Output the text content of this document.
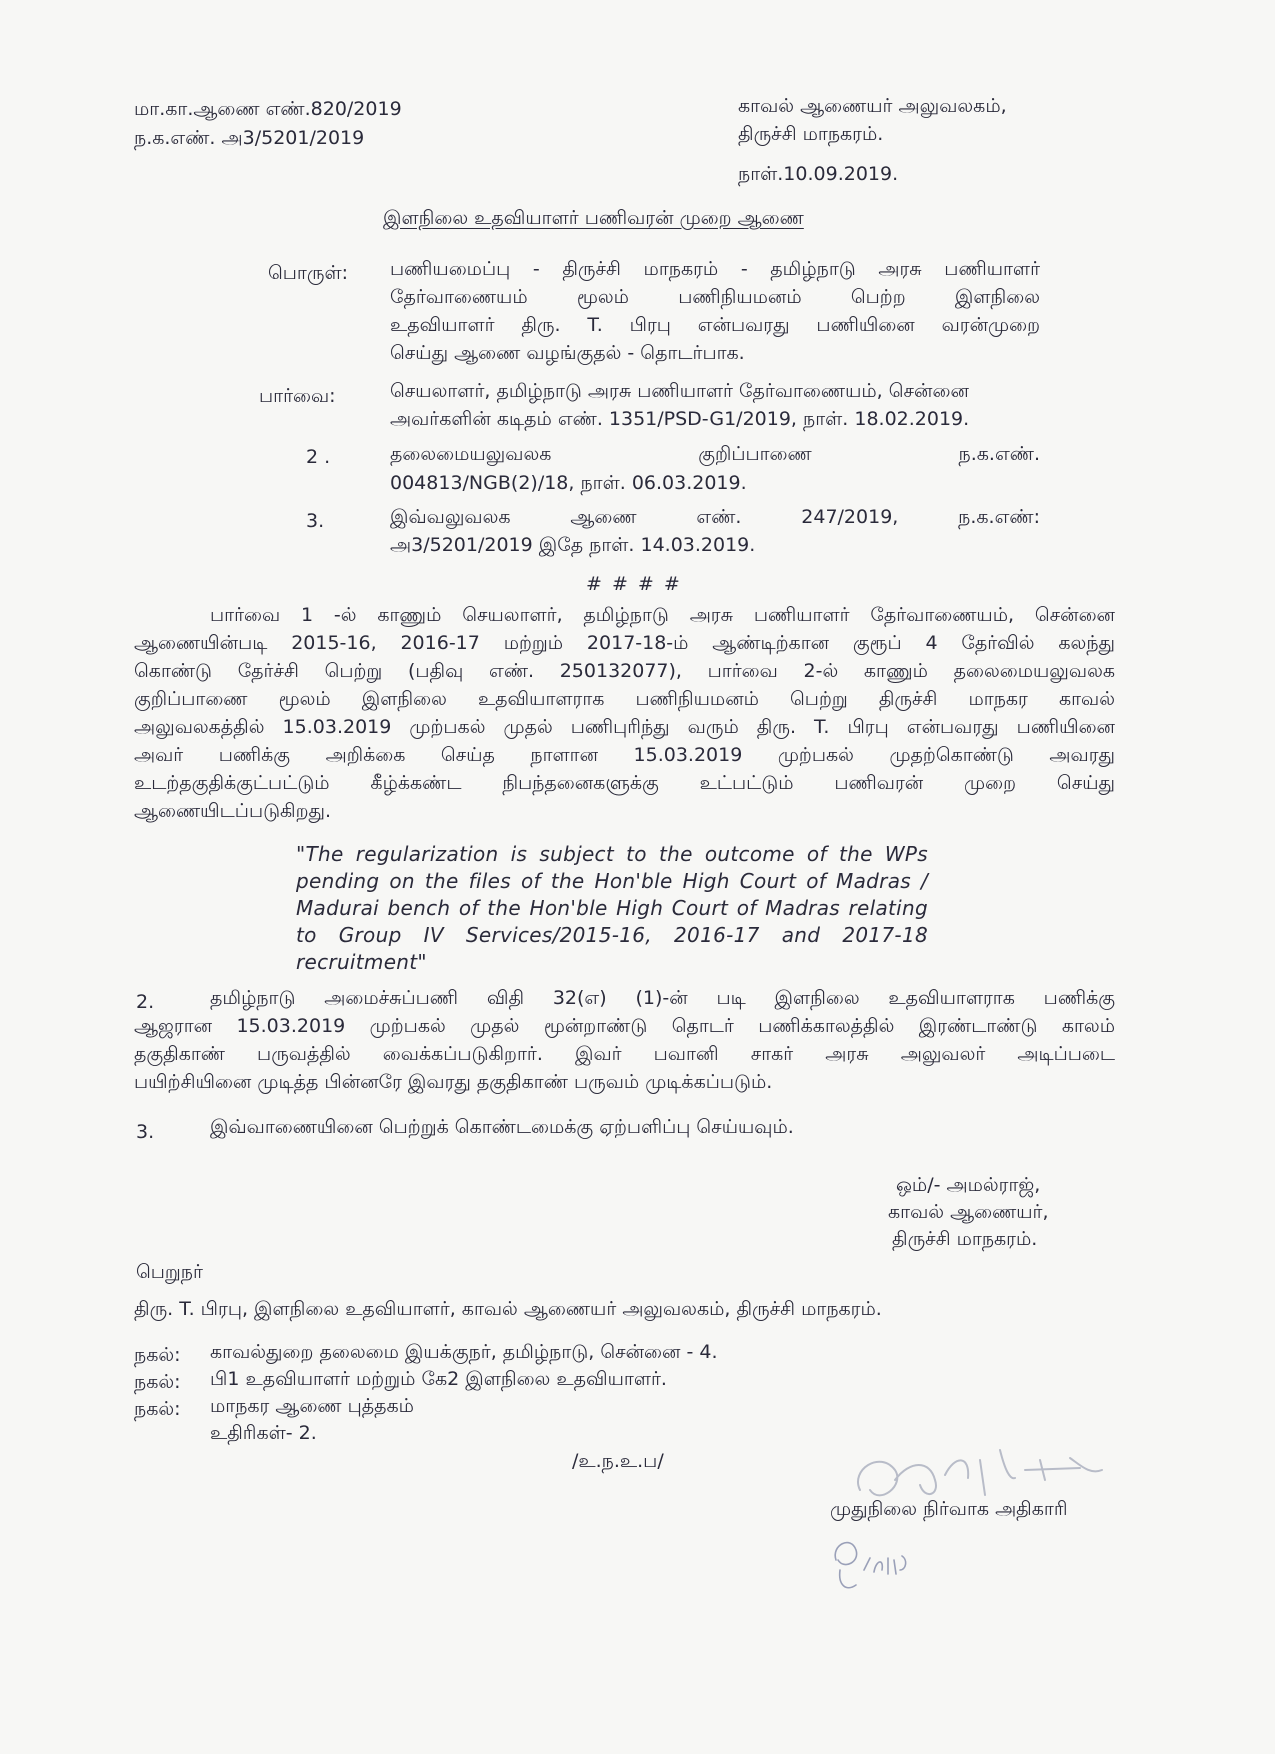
மா.கா.ஆணை எண்.820/2019
ந.க.எண். அ3/5201/2019
காவல் ஆணையர் அலுவலகம்,
திருச்சி மாநகரம்.
நாள்.10.09.2019.
இளநிலை உதவியாளர் பணிவரன் முறை ஆணை
பொருள்: பணியமைப்பு - திருச்சி மாநகரம் - தமிழ்நாடு அரசு பணியாளர்
தேர்வாணையம் மூலம் பணிநியமனம் பெற்ற இளநிலை
உதவியாளர் திரு. T. பிரபு என்பவரது பணியினை வரன்முறை
செய்து ஆணை வழங்குதல் - தொடர்பாக.
பார்வை:	செயலாளர், தமிழ்நாடு அரசு பணியாளர் தேர்வாணையம், சென்னை
அவர்களின் கடிதம் எண். 1351/PSD-G1/2019, நாள். 18.02.2019.
2 .	தலைமையலுவலக குறிப்பாணை ந.க.எண்.
004813/NGB(2)/18, நாள். 06.03.2019.
3.	இவ்வலுவலக ஆணை எண். 247/2019, ந.க.எண்:
அ3/5201/2019 இதே நாள். 14.03.2019.
# # # #
பார்வை 1 -ல் காணும் செயலாளர், தமிழ்நாடு அரசு பணியாளர் தேர்வாணையம், சென்னை
ஆணையின்படி 2015-16, 2016-17 மற்றும் 2017-18-ம் ஆண்டிற்கான குரூப் 4 தேர்வில் கலந்து
கொண்டு தேர்ச்சி பெற்று (பதிவு எண். 250132077), பார்வை 2-ல் காணும் தலைமையலுவலக
குறிப்பாணை மூலம் இளநிலை உதவியாளராக பணிநியமனம் பெற்று திருச்சி மாநகர காவல்
அலுவலகத்தில் 15.03.2019 முற்பகல் முதல் பணிபுரிந்து வரும் திரு. T. பிரபு என்பவரது பணியினை
அவர் பணிக்கு அறிக்கை செய்த நாளான 15.03.2019 முற்பகல் முதற்கொண்டு அவரது
உடற்தகுதிக்குட்பட்டும் கீழ்க்கண்ட நிபந்தனைகளுக்கு உட்பட்டும் பணிவரன் முறை செய்து
ஆணையிடப்படுகிறது.
"The regularization is subject to the outcome of the WPs
pending on the files of the Hon'ble High Court of Madras /
Madurai bench of the Hon'ble High Court of Madras relating
to Group IV Services/2015-16, 2016-17 and 2017-18
recruitment"
2.	தமிழ்நாடு அமைச்சுப்பணி விதி 32(எ) (1)-ன் படி இளநிலை உதவியாளராக பணிக்கு
ஆஜரான 15.03.2019 முற்பகல் முதல் மூன்றாண்டு தொடர் பணிக்காலத்தில் இரண்டாண்டு காலம்
தகுதிகாண் பருவத்தில் வைக்கப்படுகிறார். இவர் பவானி சாகர் அரசு அலுவலர் அடிப்படை
பயிற்சியினை முடித்த பின்னரே இவரது தகுதிகாண் பருவம் முடிக்கப்படும்.
3.	இவ்வாணையினை பெற்றுக் கொண்டமைக்கு ஏற்பளிப்பு செய்யவும்.
ஒம்/- அமல்ராஜ்,
காவல் ஆணையர்,
திருச்சி மாநகரம்.
பெறுநர்
திரு. T. பிரபு, இளநிலை உதவியாளர், காவல் ஆணையர் அலுவலகம், திருச்சி மாநகரம்.
நகல்: காவல்துறை தலைமை இயக்குநர், தமிழ்நாடு, சென்னை - 4.
நகல்: பி1 உதவியாளர் மற்றும் கே2 இளநிலை உதவியாளர்.
நகல்: மாநகர ஆணை புத்தகம்
உதிரிகள்- 2.
/உ.ந.உ.ப/
முதுநிலை நிர்வாக அதிகாரி
